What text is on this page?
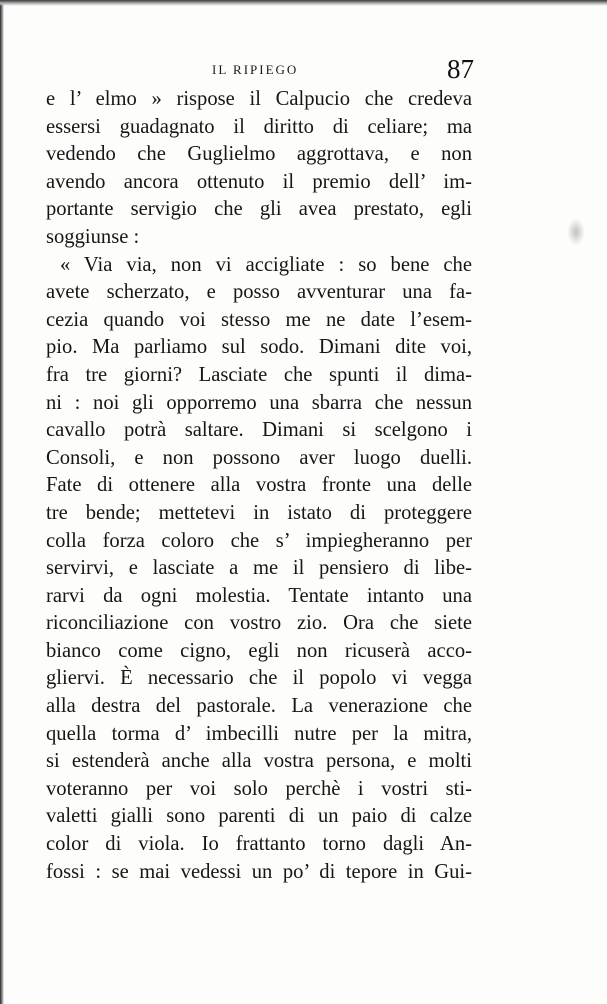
IL RIPIEGO	87
e l’ elmo » rispose il Calpucio che credeva
essersi guadagnato il diritto di celiare; ma
vedendo che Guglielmo aggrottava, e non
avendo ancora ottenuto il premio dell’ im-
portante servigio che gli avea prestato, egli
soggiunse :
« Via via, non vi accigliate : so bene che
avete scherzato, e posso avventurar una fa-
cezia quando voi stesso me ne date l’esem-
pio. Ma parliamo sul sodo. Dimani dite voi,
fra tre giorni? Lasciate che spunti il dima-
ni : noi gli opporremo una sbarra che nessun
cavallo potrà saltare. Dimani si scelgono i
Consoli, e non possono aver luogo duelli.
Fate di ottenere alla vostra fronte una delle
tre bende; mettetevi in istato di proteggere
colla forza coloro che s’ impiegheranno per
servirvi, e lasciate a me il pensiero di libe-
rarvi da ogni molestia. Tentate intanto una
riconciliazione con vostro zio. Ora che siete
bianco come cigno, egli non ricuserà acco-
gliervi. È necessario che il popolo vi vegga
alla destra del pastorale. La venerazione che
quella torma d’ imbecilli nutre per la mitra,
si estenderà anche alla vostra persona, e molti
voteranno per voi solo perchè i vostri sti-
valetti gialli sono parenti di un paio di calze
color di viola. Io frattanto torno dagli An-
fossi : se mai vedessi un po’ di tepore in Gui-
